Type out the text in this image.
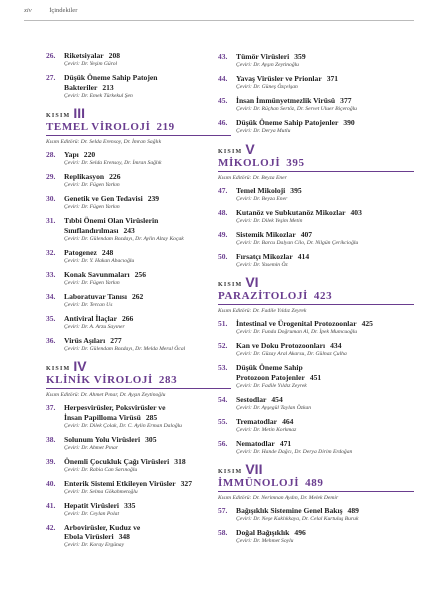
xiv	İçindekiler
26. Riketsiyalar 208
Çeviri: Dr. Yeşim Gürol
27. Düşük Öneme Sahip Patojen
Bakteriler 213
Çeviri: Dr. Emek Türkekul Şen
KISIM III
TEMEL VİROLOJİ 219
Kısım Editörü: Dr. Selda Erensoy, Dr. İmran Sağlık
28. Yapı 220
Çeviri: Dr. Selda Erensoy, Dr. İmran Sağlık
29. Replikasyon 226
Çeviri: Dr. Fügen Yarkın
30. Genetik ve Gen Tedavisi 239
Çeviri: Dr. Fügen Yarkın
31. Tıbbi Önemi Olan Virüslerin
Sınıflandırılması 243
Çeviri: Dr. Gülendam Bozdayı, Dr. Aylin Altay Koçak
32. Patogenez 248
Çeviri: Dr. Y. Hakan Abacıoğlu
33. Konak Savunmaları 256
Çeviri: Dr. Fügen Yarkın
34. Laboratuvar Tanısı 262
Çeviri: Dr. Tercan Us
35. Antiviral İlaçlar 266
Çeviri: Dr. A. Arzu Sayıner
36. Virüs Aşıları 277
Çeviri: Dr. Gülendam Bozdayı, Dr. Melda Meral Öcal
KISIM IV
KLİNİK VİROLOJİ 283
Kısım Editörü: Dr. Ahmet Pınar, Dr. Ayşın Zeytinoğlu
37. Herpesvirüsler, Poksvirüsler ve
İnsan Papilloma Virüsü 285
Çeviri: Dr. Dilek Çolak, Dr. C. Aylin Erman Daloğlu
38. Solunum Yolu Virüsleri 305
Çeviri: Dr. Ahmet Pınar
39. Önemli Çocukluk Çağı Virüsleri 318
Çeviri: Dr. Rabia Can Sarınoğlu
40. Enterik Sistemi Etkileyen Virüsler 327
Çeviri: Dr. Selma Gökahmetoğlu
41. Hepatit Virüsleri 335
Çeviri: Dr. Ceylan Polat
42. Arbovirüsler, Kuduz ve
Ebola Virüsleri 348
Çeviri: Dr. Koray Ergünay
43. Tümör Virüsleri 359
Çeviri: Dr. Ayşın Zeytinoğlu
44. Yavaş Virüsler ve Prionlar 371
Çeviri: Dr. Güneş Özçelşan
45. İnsan İmmünyetmezlik Virüsü 377
Çeviri: Dr. Rüçhan Sertöz, Dr. Servet Uluer Biçeroğlu
46. Düşük Öneme Sahip Patojenler 390
Çeviri: Dr. Derya Mutlu
KISIM V
MİKOLOJİ 395
Kısım Editörü: Dr. Beyza Ener
47. Temel Mikoloji 395
Çeviri: Dr. Beyza Ener
48. Kutanöz ve Subkutanöz Mikozlar 403
Çeviri: Dr. Dilek Yeşim Metin
49. Sistemik Mikozlar 407
Çeviri: Dr. Barcu Dalyan Cilo, Dr. Nilgün Çerikcioğlu
50. Fırsatçı Mikozlar 414
Çeviri: Dr. Yasemin Öz
KISIM VI
PARAZİTOLOJİ 423
Kısım Editörü: Dr. Fadile Yıldız Zeyrek
51. İntestinal ve Ürogenital Protozoonlar 425
Çeviri: Dr. Funda Doğruman Al, Dr. İpek Mumcuoğlu
52. Kan ve Doku Protozoonları 434
Çeviri: Dr. Güzay Aral Akarsu, Dr. Gülnaz Çulha
53. Düşük Öneme Sahip
Protozoon Patojenler 451
Çeviri: Dr. Fadile Yıldız Zeyrek
54. Sestodlar 454
Çeviri: Dr. Ayşegül Taylan Özkan
55. Trematodlar 464
Çeviri: Dr. Metin Korkmaz
56. Nematodlar 471
Çeviri: Dr. Hande Dağcı, Dr. Derya Dirim Erdoğan
KISIM VII
İMMÜNOLOJİ 489
Kısım Editörü: Dr. Nerimnan Aydın, Dr. Melek Demir
57. Bağışıklık Sistemine Genel Bakış 489
Çeviri: Dr. Neşe Kaklıkkaya, Dr. Celal Kurtuluş Buruk
58. Doğal Bağışıklık 496
Çeviri: Dr. Mehmet Soylu
